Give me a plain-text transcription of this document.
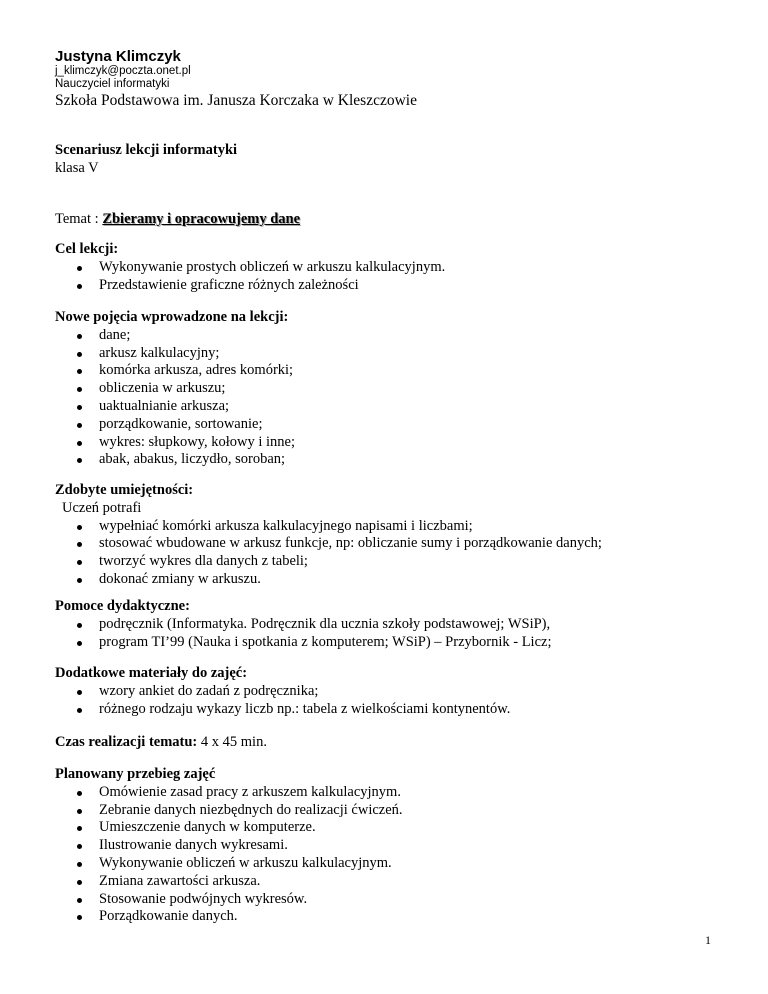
Justyna Klimczyk
j_klimczyk@poczta.onet.pl
Nauczyciel informatyki
Szkoła Podstawowa im. Janusza Korczaka w Kleszczowie
Scenariusz lekcji informatyki
klasa V
Temat : Zbieramy i opracowujemy dane
Cel lekcji:
Wykonywanie prostych obliczeń w arkuszu kalkulacyjnym.
Przedstawienie graficzne różnych zależności
Nowe pojęcia wprowadzone na lekcji:
dane;
arkusz kalkulacyjny;
komórka arkusza, adres komórki;
obliczenia w arkuszu;
uaktualnianie arkusza;
porządkowanie, sortowanie;
wykres: słupkowy, kołowy i inne;
abak, abakus, liczydło, soroban;
Zdobyte umiejętności:
Uczeń potrafi
wypełniać komórki arkusza kalkulacyjnego napisami i liczbami;
stosować wbudowane w arkusz funkcje, np: obliczanie sumy i porządkowanie danych;
tworzyć wykres dla danych z tabeli;
dokonać zmiany w arkuszu.
Pomoce dydaktyczne:
podręcznik (Informatyka. Podręcznik dla ucznia szkoły podstawowej; WSiP),
program TI’99 (Nauka i spotkania z komputerem; WSiP) – Przybornik - Licz;
Dodatkowe materiały do zajęć:
wzory ankiet do zadań z podręcznika;
różnego rodzaju wykazy liczb np.: tabela z wielkościami kontynentów.
Czas realizacji tematu: 4 x 45 min.
Planowany przebieg zajęć
Omówienie zasad pracy z arkuszem kalkulacyjnym.
Zebranie danych niezbędnych do realizacji ćwiczeń.
Umieszczenie danych w komputerze.
Ilustrowanie danych wykresami.
Wykonywanie obliczeń w arkuszu kalkulacyjnym.
Zmiana zawartości arkusza.
Stosowanie podwójnych wykresów.
Porządkowanie danych.
1
